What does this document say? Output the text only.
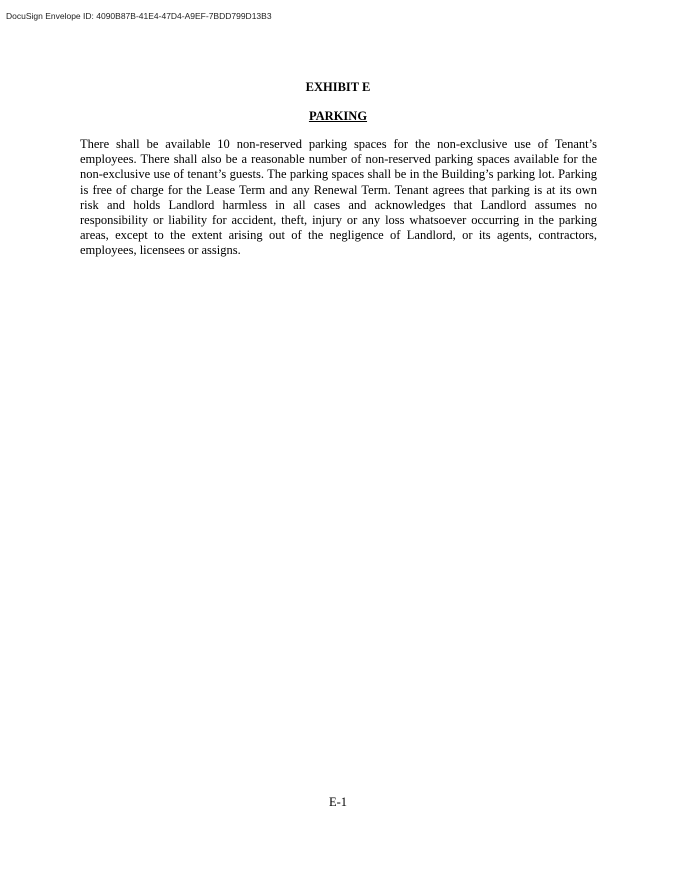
DocuSign Envelope ID: 4090B87B-41E4-47D4-A9EF-7BDD799D13B3
EXHIBIT E
PARKING

There shall be available 10 non-reserved parking spaces for the non-exclusive use of Tenant’s employees. There shall also be a reasonable number of non-reserved parking spaces available for the non-exclusive use of tenant’s guests. The parking spaces shall be in the Building’s parking lot. Parking is free of charge for the Lease Term and any Renewal Term. Tenant agrees that parking is at its own risk and holds Landlord harmless in all cases and acknowledges that Landlord assumes no responsibility or liability for accident, theft, injury or any loss whatsoever occurring in the parking areas, except to the extent arising out of the negligence of Landlord, or its agents, contractors, employees, licensees or assigns.

E-1
